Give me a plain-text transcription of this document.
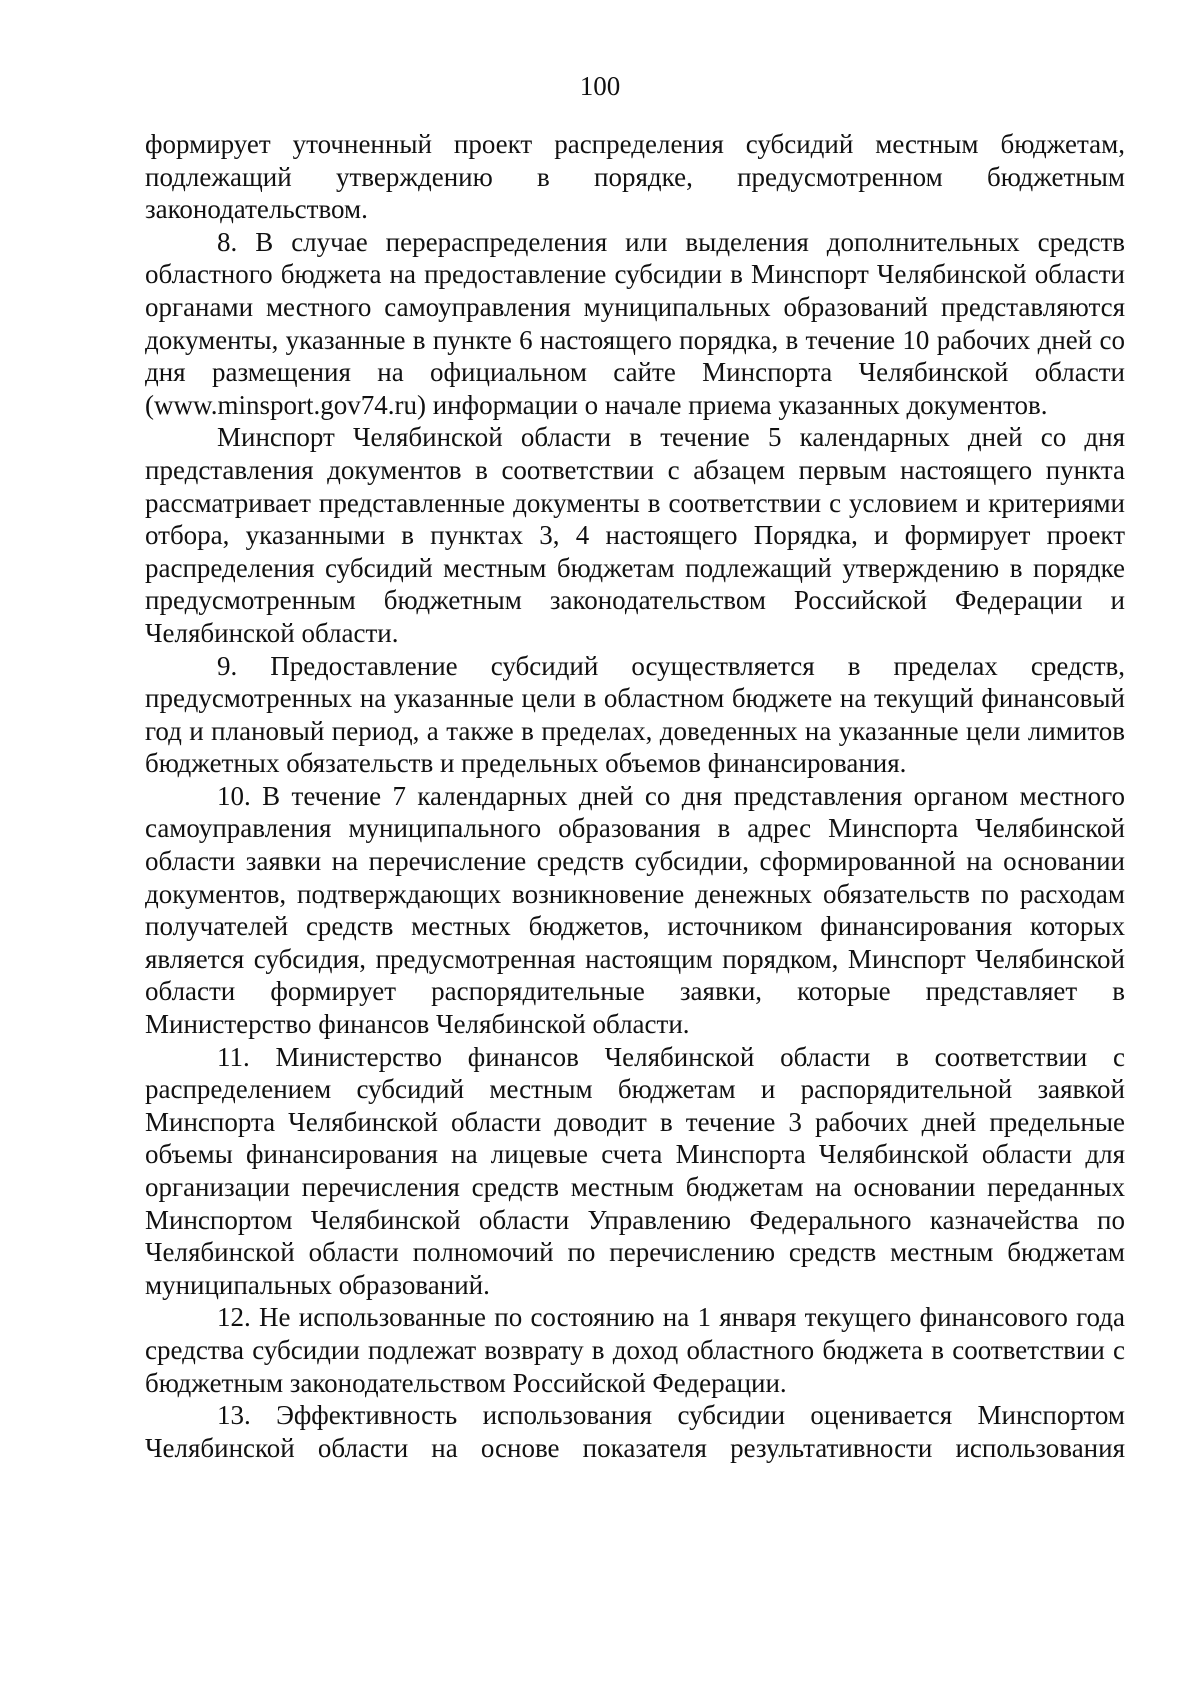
100

формирует уточненный проект распределения субсидий местным бюджетам, подлежащий утверждению в порядке, предусмотренном бюджетным законодательством.

8. В случае перераспределения или выделения дополнительных средств областного бюджета на предоставление субсидии в Минспорт Челябинской области органами местного самоуправления муниципальных образований представляются документы, указанные в пункте 6 настоящего порядка, в течение 10 рабочих дней со дня размещения на официальном сайте Минспорта Челябинской области (www.minsport.gov74.ru) информации о начале приема указанных документов.

Минспорт Челябинской области в течение 5 календарных дней со дня представления документов в соответствии с абзацем первым настоящего пункта рассматривает представленные документы в соответствии с условием и критериями отбора, указанными в пунктах 3, 4 настоящего Порядка, и формирует проект распределения субсидий местным бюджетам подлежащий утверждению в порядке предусмотренным бюджетным законодательством Российской Федерации и Челябинской области.

9. Предоставление субсидий осуществляется в пределах средств, предусмотренных на указанные цели в областном бюджете на текущий финансовый год и плановый период, а также в пределах, доведенных на указанные цели лимитов бюджетных обязательств и предельных объемов финансирования.

10. В течение 7 календарных дней со дня представления органом местного самоуправления муниципального образования в адрес Минспорта Челябинской области заявки на перечисление средств субсидии, сформированной на основании документов, подтверждающих возникновение денежных обязательств по расходам получателей средств местных бюджетов, источником финансирования которых является субсидия, предусмотренная настоящим порядком, Минспорт Челябинской области формирует распорядительные заявки, которые представляет в Министерство финансов Челябинской области.

11. Министерство финансов Челябинской области в соответствии с распределением субсидий местным бюджетам и распорядительной заявкой Минспорта Челябинской области доводит в течение 3 рабочих дней предельные объемы финансирования на лицевые счета Минспорта Челябинской области для организации перечисления средств местным бюджетам на основании переданных Минспортом Челябинской области Управлению Федерального казначейства по Челябинской области полномочий по перечислению средств местным бюджетам муниципальных образований.

12. Не использованные по состоянию на 1 января текущего финансового года средства субсидии подлежат возврату в доход областного бюджета в соответствии с бюджетным законодательством Российской Федерации.

13. Эффективность использования субсидии оценивается Минспортом Челябинской области на основе показателя результативности использования
